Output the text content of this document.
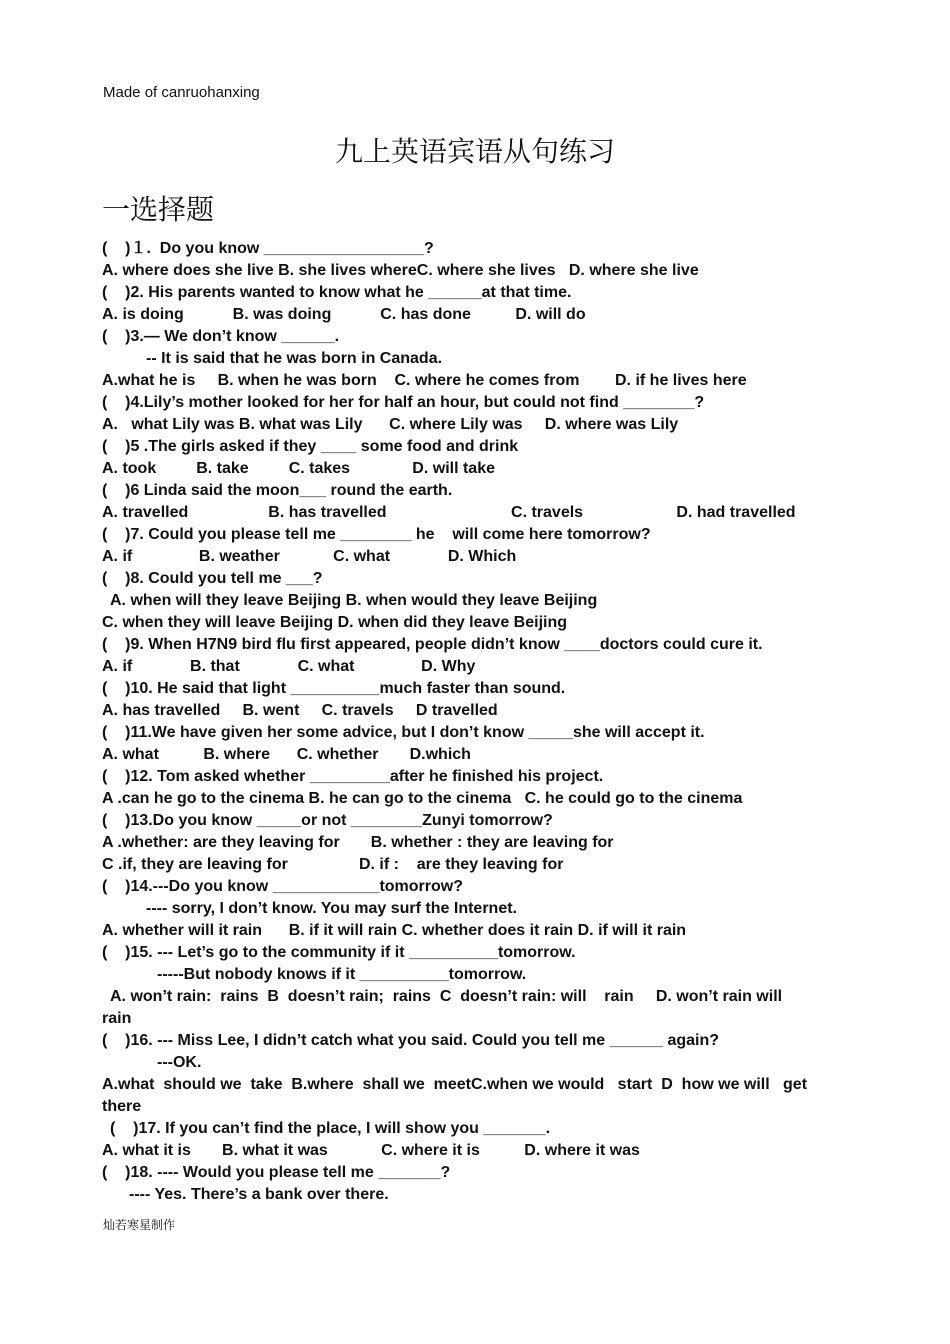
Made of canruohanxing
九上英语宾语从句练习
一选择题
(    )１.  Do you know __________________?
A. where does she live B. she lives whereC. where she lives   D. where she live
(    )2. His parents wanted to know what he ______at that time.
A. is doing           B. was doing           C. has done          D. will do
(    )3.— We don’t know ______.
-- It is said that he was born in Canada.
A.what he is     B. when he was born    C. where he comes from        D. if he lives here
(    )4.Lily’s mother looked for her for half an hour, but could not find ________?
A.   what Lily was B. what was Lily      C. where Lily was     D. where was Lily
(    )5 .The girls asked if they ____ some food and drink
A. took         B. take         C. takes              D. will take
(    )6 Linda said the moon___ round the earth.
A. travelled                  B. has travelled                            C. travels                     D. had travelled
(    )7. Could you please tell me ________ he    will come here tomorrow?
A. if               B. weather            C. what             D. Which
(    )8. Could you tell me ___?
A. when will they leave Beijing B. when would they leave Beijing
C. when they will leave Beijing D. when did they leave Beijing
(    )9. When H7N9 bird flu first appeared, people didn’t know ____doctors could cure it.
A. if             B. that             C. what               D. Why
(    )10. He said that light __________much faster than sound.
A. has travelled     B. went     C. travels     D travelled
(    )11.We have given her some advice, but I don’t know _____she will accept it.
A. what          B. where      C. whether       D.which
(    )12. Tom asked whether _________after he finished his project.
A .can he go to the cinema B. he can go to the cinema   C. he could go to the cinema
(    )13.Do you know _____or not ________Zunyi tomorrow?
A .whether: are they leaving for       B. whether : they are leaving for
C .if, they are leaving for                D. if :    are they leaving for
(    )14.---Do you know ____________tomorrow?
---- sorry, I don’t know. You may surf the Internet.
A. whether will it rain      B. if it will rain C. whether does it rain D. if will it rain
(    )15. --- Let’s go to the community if it __________tomorrow.
-----But nobody knows if it __________tomorrow.
A. won’t rain:  rains  B  doesn’t rain;  rains  C  doesn’t rain: will    rain     D. won’t rain will
rain
(    )16. --- Miss Lee, I didn’t catch what you said. Could you tell me ______ again?
---OK.
A.what  should we  take  B.where  shall we  meetC.when we would   start  D  how we will   get
there
(    )17. If you can’t find the place, I will show you _______.
A. what it is       B. what it was            C. where it is          D. where it was
(    )18. ---- Would you please tell me _______?
---- Yes. There’s a bank over there.
灿若寒星制作
